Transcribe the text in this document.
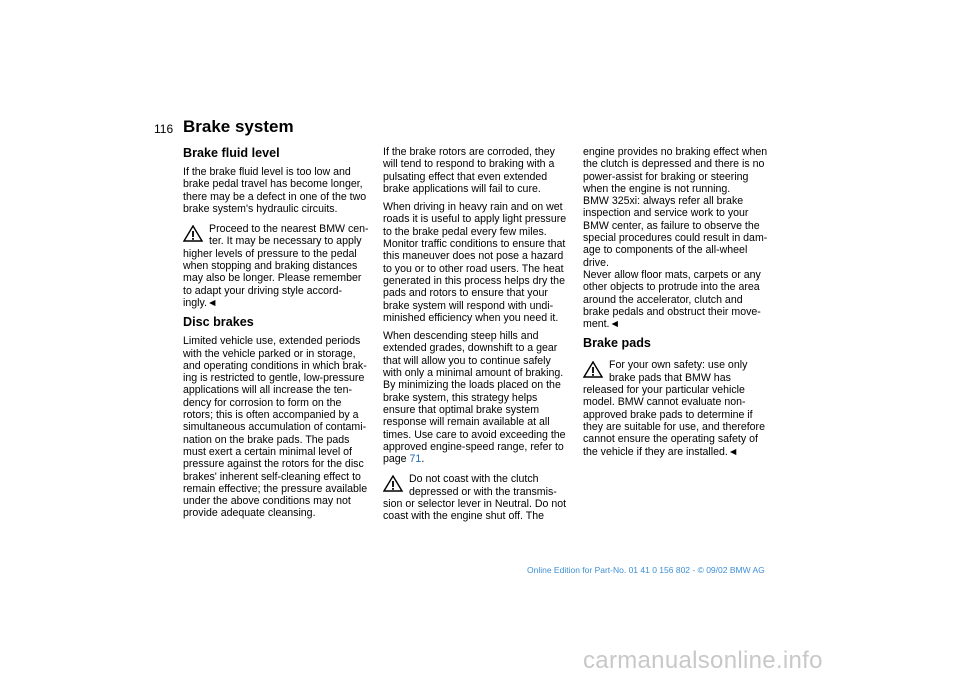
116 Brake system
Brake fluid level

If the brake fluid level is too low and
brake pedal travel has become longer,
there may be a defect in one of the two
brake system's hydraulic circuits.

Proceed to the nearest BMW cen-
ter. It may be necessary to apply
higher levels of pressure to the pedal
when stopping and braking distances
may also be longer. Please remember
to adapt your driving style accord-
ingly.◄

Disc brakes

Limited vehicle use, extended periods
with the vehicle parked or in storage,
and operating conditions in which brak-
ing is restricted to gentle, low-pressure
applications will all increase the ten-
dency for corrosion to form on the
rotors; this is often accompanied by a
simultaneous accumulation of contami-
nation on the brake pads. The pads
must exert a certain minimal level of
pressure against the rotors for the disc
brakes' inherent self-cleaning effect to
remain effective; the pressure available
under the above conditions may not
provide adequate cleansing.

If the brake rotors are corroded, they
will tend to respond to braking with a
pulsating effect that even extended
brake applications will fail to cure.

When driving in heavy rain and on wet
roads it is useful to apply light pressure
to the brake pedal every few miles.
Monitor traffic conditions to ensure that
this maneuver does not pose a hazard
to you or to other road users. The heat
generated in this process helps dry the
pads and rotors to ensure that your
brake system will respond with undi-
minished efficiency when you need it.

When descending steep hills and
extended grades, downshift to a gear
that will allow you to continue safely
with only a minimal amount of braking.
By minimizing the loads placed on the
brake system, this strategy helps
ensure that optimal brake system
response will remain available at all
times. Use care to avoid exceeding the
approved engine-speed range, refer to
page 71.

Do not coast with the clutch
depressed or with the transmis-
sion or selector lever in Neutral. Do not
coast with the engine shut off. The

engine provides no braking effect when
the clutch is depressed and there is no
power-assist for braking or steering
when the engine is not running.
BMW 325xi: always refer all brake
inspection and service work to your
BMW center, as failure to observe the
special procedures could result in dam-
age to components of the all-wheel
drive.
Never allow floor mats, carpets or any
other objects to protrude into the area
around the accelerator, clutch and
brake pedals and obstruct their move-
ment.◄

Brake pads

For your own safety: use only
brake pads that BMW has
released for your particular vehicle
model. BMW cannot evaluate non-
approved brake pads to determine if
they are suitable for use, and therefore
cannot ensure the operating safety of
the vehicle if they are installed.◄

Online Edition for Part-No. 01 41 0 156 802 - © 09/02 BMW AG
carmanualsonline.info
